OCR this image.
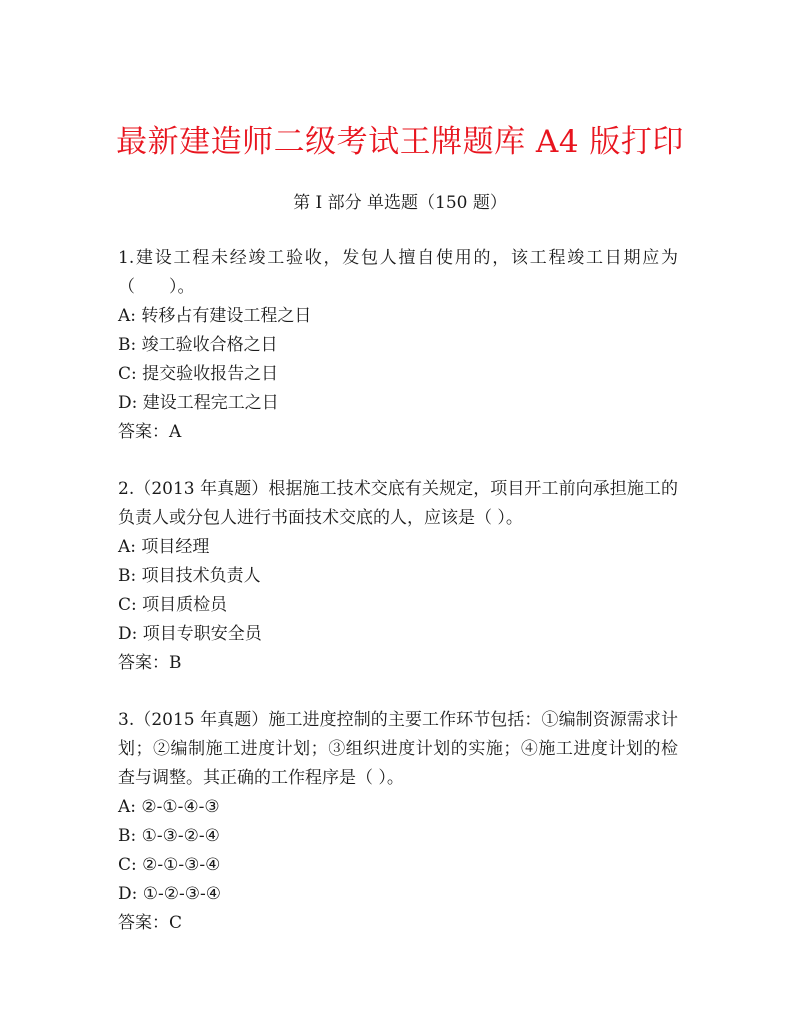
最新建造师二级考试王牌题库 A4 版打印
第 I 部分 单选题（150 题）
1.建设工程未经竣工验收，发包人擅自使用的，该工程竣工日期应为（　　）。
A: 转移占有建设工程之日
B: 竣工验收合格之日
C: 提交验收报告之日
D: 建设工程完工之日
答案：A
2.（2013 年真题）根据施工技术交底有关规定，项目开工前向承担施工的负责人或分包人进行书面技术交底的人，应该是（ ）。
A: 项目经理
B: 项目技术负责人
C: 项目质检员
D: 项目专职安全员
答案：B
3.（2015 年真题）施工进度控制的主要工作环节包括：①编制资源需求计划；②编制施工进度计划；③组织进度计划的实施；④施工进度计划的检查与调整。其正确的工作程序是（ ）。
A: ②-①-④-③
B: ①-③-②-④
C: ②-①-③-④
D: ①-②-③-④
答案：C
